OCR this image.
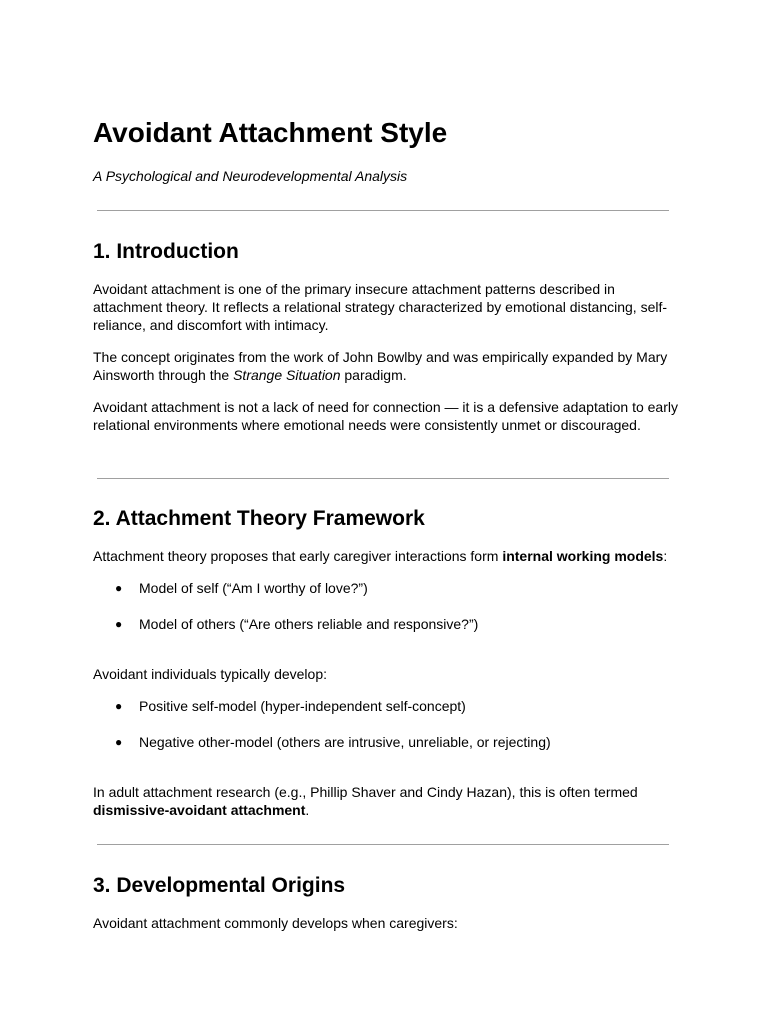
Avoidant Attachment Style
A Psychological and Neurodevelopmental Analysis
1. Introduction

Avoidant attachment is one of the primary insecure attachment patterns described in attachment theory. It reflects a relational strategy characterized by emotional distancing, self-reliance, and discomfort with intimacy.

The concept originates from the work of John Bowlby and was empirically expanded by Mary Ainsworth through the Strange Situation paradigm.

Avoidant attachment is not a lack of need for connection — it is a defensive adaptation to early relational environments where emotional needs were consistently unmet or discouraged.

2. Attachment Theory Framework

Attachment theory proposes that early caregiver interactions form internal working models:

● Model of self (“Am I worthy of love?”)
● Model of others (“Are others reliable and responsive?”)

Avoidant individuals typically develop:

● Positive self-model (hyper-independent self-concept)
● Negative other-model (others are intrusive, unreliable, or rejecting)

In adult attachment research (e.g., Phillip Shaver and Cindy Hazan), this is often termed dismissive-avoidant attachment.

3. Developmental Origins

Avoidant attachment commonly develops when caregivers:
